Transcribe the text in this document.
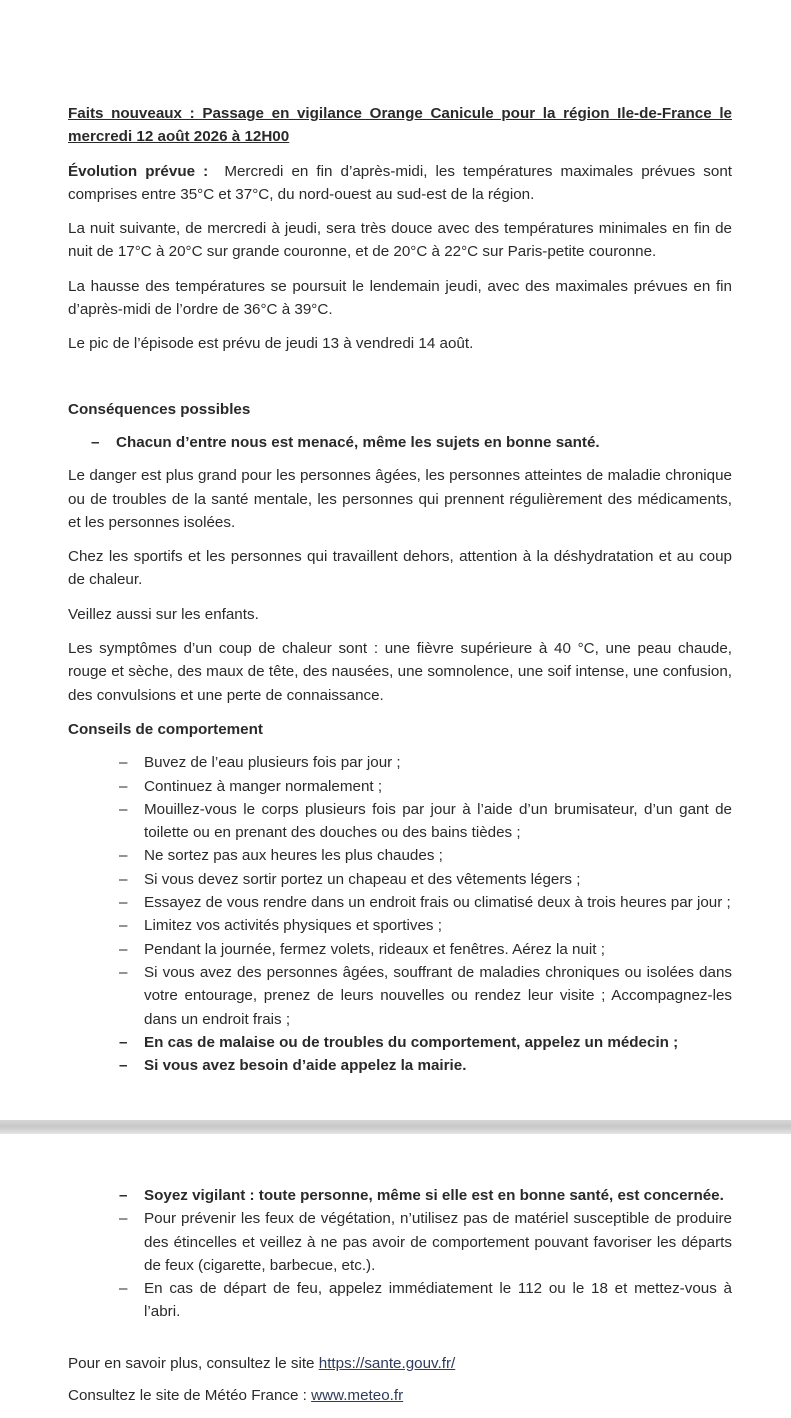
Faits nouveaux : Passage en vigilance Orange Canicule pour la région Ile-de-France le mercredi 12 août 2026 à 12H00

Évolution prévue : Mercredi en fin d’après-midi, les températures maximales prévues sont comprises entre 35°C et 37°C, du nord-ouest au sud-est de la région.

La nuit suivante, de mercredi à jeudi, sera très douce avec des températures minimales en fin de nuit de 17°C à 20°C sur grande couronne, et de 20°C à 22°C sur Paris-petite couronne.

La hausse des températures se poursuit le lendemain jeudi, avec des maximales prévues en fin d’après-midi de l’ordre de 36°C à 39°C.

Le pic de l’épisode est prévu de jeudi 13 à vendredi 14 août.

Conséquences possibles

– Chacun d’entre nous est menacé, même les sujets en bonne santé.

Le danger est plus grand pour les personnes âgées, les personnes atteintes de maladie chronique ou de troubles de la santé mentale, les personnes qui prennent régulièrement des médicaments, et les personnes isolées.

Chez les sportifs et les personnes qui travaillent dehors, attention à la déshydratation et au coup de chaleur.

Veillez aussi sur les enfants.

Les symptômes d’un coup de chaleur sont : une fièvre supérieure à 40 °C, une peau chaude, rouge et sèche, des maux de tête, des nausées, une somnolence, une soif intense, une confusion, des convulsions et une perte de connaissance.

Conseils de comportement

– Buvez de l’eau plusieurs fois par jour ;
– Continuez à manger normalement ;
– Mouillez-vous le corps plusieurs fois par jour à l’aide d’un brumisateur, d’un gant de toilette ou en prenant des douches ou des bains tièdes ;
– Ne sortez pas aux heures les plus chaudes ;
– Si vous devez sortir portez un chapeau et des vêtements légers ;
– Essayez de vous rendre dans un endroit frais ou climatisé deux à trois heures par jour ;
– Limitez vos activités physiques et sportives ;
– Pendant la journée, fermez volets, rideaux et fenêtres. Aérez la nuit ;
– Si vous avez des personnes âgées, souffrant de maladies chroniques ou isolées dans votre entourage, prenez de leurs nouvelles ou rendez leur visite ; Accompagnez-les dans un endroit frais ;
– En cas de malaise ou de troubles du comportement, appelez un médecin ;
– Si vous avez besoin d’aide appelez la mairie.
– Soyez vigilant : toute personne, même si elle est en bonne santé, est concernée.
– Pour prévenir les feux de végétation, n’utilisez pas de matériel susceptible de produire des étincelles et veillez à ne pas avoir de comportement pouvant favoriser les départs de feux (cigarette, barbecue, etc.).
– En cas de départ de feu, appelez immédiatement le 112 ou le 18 et mettez-vous à l’abri.

Pour en savoir plus, consultez le site https://sante.gouv.fr/

Consultez le site de Météo France : www.meteo.fr
